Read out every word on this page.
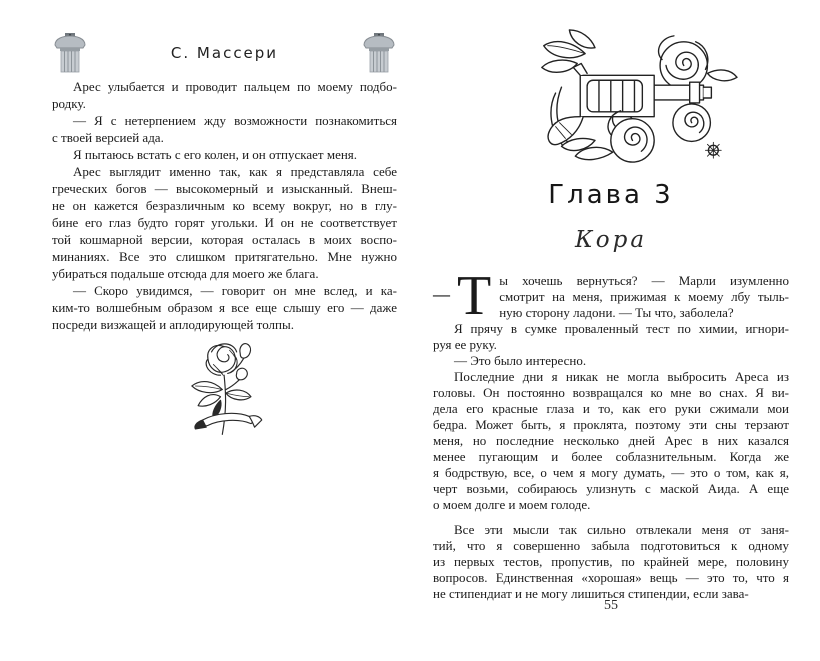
С. Массери
Арес улыбается и проводит пальцем по моему подбо-
родку.
— Я с нетерпением жду возможности познакомиться
с твоей версией ада.
Я пытаюсь встать с его колен, и он отпускает меня.
Арес выглядит именно так, как я представляла себе
греческих богов — высокомерный и изысканный. Внеш-
не он кажется безразличным ко всему вокруг, но в глу-
бине его глаз будто горят угольки. И он не соответствует
той кошмарной версии, которая осталась в моих воспо-
минаниях. Все это слишком притягательно. Мне нужно
убираться подальше отсюда для моего же блага.
— Скоро увидимся, — говорит он мне вслед, и ка-
ким-то волшебным образом я все еще слышу его — даже
посреди визжащей и аплодирующей толпы.
Глава 3
Кора
— Т ы хочешь вернуться? — Марли изумленно
смотрит на меня, прижимая к моему лбу тыль-
ную сторону ладони. — Ты что, заболела?
Я прячу в сумке проваленный тест по химии, игнори-
руя ее руку.
— Это было интересно.
Последние дни я никак не могла выбросить Ареса из
головы. Он постоянно возвращался ко мне во снах. Я ви-
дела его красные глаза и то, как его руки сжимали мои
бедра. Может быть, я проклята, поэтому эти сны терзают
меня, но последние несколько дней Арес в них казался
менее пугающим и более соблазнительным. Когда же
я бодрствую, все, о чем я могу думать, — это о том, как я,
черт возьми, собираюсь улизнуть с маской Аида. А еще
о моем долге и моем голоде.
Все эти мысли так сильно отвлекали меня от заня-
тий, что я совершенно забыла подготовиться к одному
из первых тестов, пропустив, по крайней мере, половину
вопросов. Единственная «хорошая» вещь — это то, что я
не стипендиат и не могу лишиться стипендии, если зава-
55
